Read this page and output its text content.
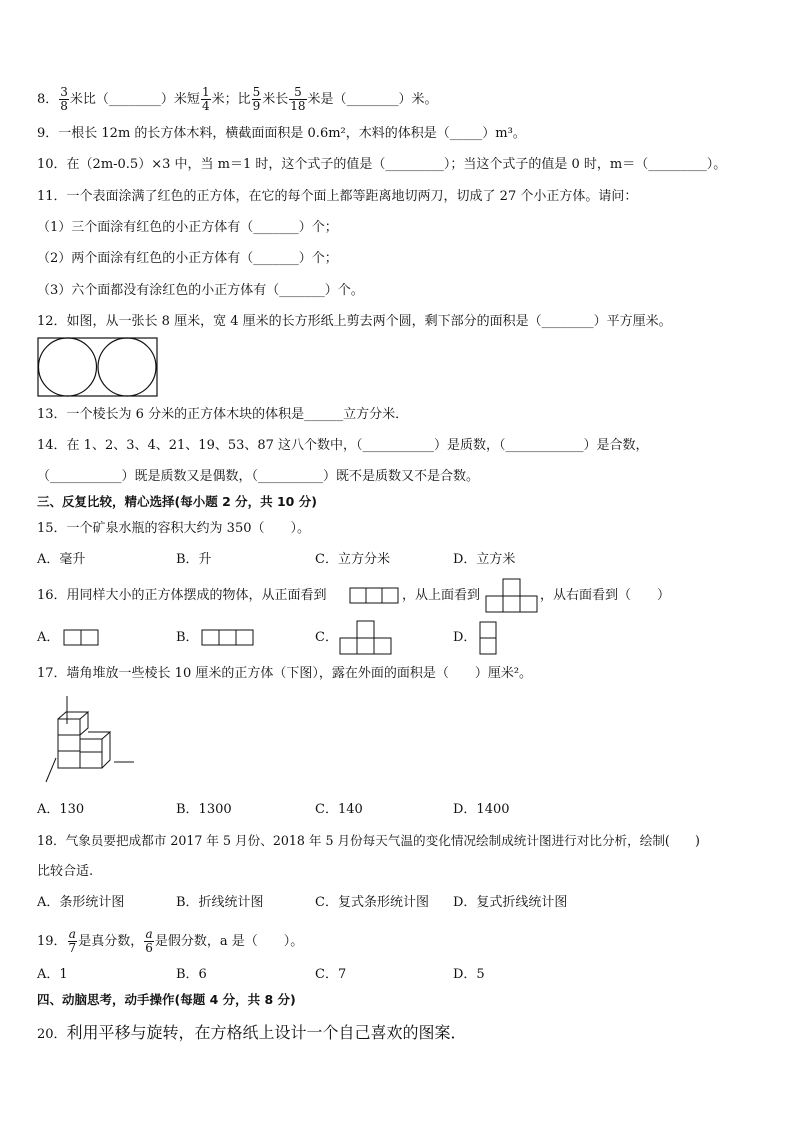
8． $\frac{3}{8}$ 米比（________）米短 $\frac{1}{4}$ 米；比 $\frac{5}{9}$ 米长 $\frac{5}{18}$ 米是（________）米。
9．一根长 12m 的长方体木料，横截面面积是 0.6m²，木料的体积是（_____）m³。
10．在（2m-0.5）×3 中，当 m＝1 时，这个式子的值是（_________）；当这个式子的值是 0 时，m＝（_________）。
11．一个表面涂满了红色的正方体，在它的每个面上都等距离地切两刀，切成了 27 个小正方体。请问：
（1）三个面涂有红色的小正方体有（_______）个；
（2）两个面涂有红色的小正方体有（_______）个；
（3）六个面都没有涂红色的小正方体有（_______）个。
12．如图，从一张长 8 厘米，宽 4 厘米的长方形纸上剪去两个圆，剩下部分的面积是（________）平方厘米。
13．一个棱长为 6 分米的正方体木块的体积是______立方分米．
14．在 1、2、3、4、21、19、53、87 这八个数中，（___________）是质数，（____________）是合数，
（___________）既是质数又是偶数，（__________）既不是质数又不是合数。
三、反复比较，精心选择(每小题 2 分，共 10 分)
15．一个矿泉水瓶的容积大约为 350（　　）。
A．毫升	B．升	C．立方分米	D．立方米
16．用同样大小的正方体摆成的物体，从正面看到	，从上面看到	，从右面看到（　　）
A．	B．	C．	D．
17．墙角堆放一些棱长 10 厘米的正方体（下图），露在外面的面积是（　　）厘米²。
A．130	B．1300	C．140	D．1400
18．气象员要把成都市 2017 年 5 月份、2018 年 5 月份每天气温的变化情况绘制成统计图进行对比分析，绘制(　　)
比较合适.
A．条形统计图	B．折线统计图	C．复式条形统计图 D．复式折线统计图
19． $\frac{a}{7}$ 是真分数， $\frac{a}{6}$ 是假分数，a 是（　　）。
A．1	B．6	C．7	D．5
四、动脑思考，动手操作(每题 4 分，共 8 分)
20．利用平移与旋转，在方格纸上设计一个自己喜欢的图案．
